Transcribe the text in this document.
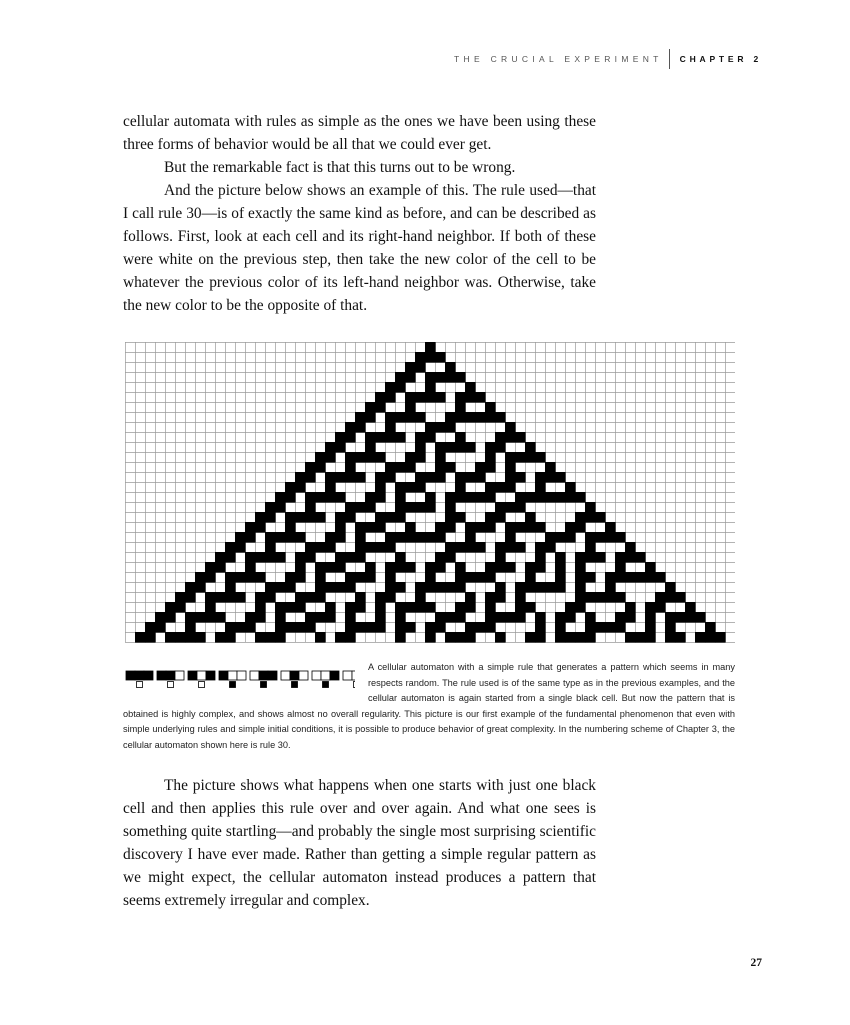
THE CRUCIAL EXPERIMENT CHAPTER 2

cellular automata with rules as simple as the ones we have been using these three forms of behavior would be all that we could ever get.

But the remarkable fact is that this turns out to be wrong.

And the picture below shows an example of this. The rule used—that I call rule 30—is of exactly the same kind as before, and can be described as follows. First, look at each cell and its right-hand neighbor. If both of these were white on the previous step, then take the new color of the cell to be whatever the previous color of its left-hand neighbor was. Otherwise, take the new color to be the opposite of that.

A cellular automaton with a simple rule that generates a pattern which seems in many respects random. The rule used is of the same type as in the previous examples, and the cellular automaton is again started from a single black cell. But now the pattern that is obtained is highly complex, and shows almost no overall regularity. This picture is our first example of the fundamental phenomenon that even with simple underlying rules and simple initial conditions, it is possible to produce behavior of great complexity. In the numbering scheme of Chapter 3, the cellular automaton shown here is rule 30.

The picture shows what happens when one starts with just one black cell and then applies this rule over and over again. And what one sees is something quite startling—and probably the single most surprising scientific discovery I have ever made. Rather than getting a simple regular pattern as we might expect, the cellular automaton instead produces a pattern that seems extremely irregular and complex.

27
